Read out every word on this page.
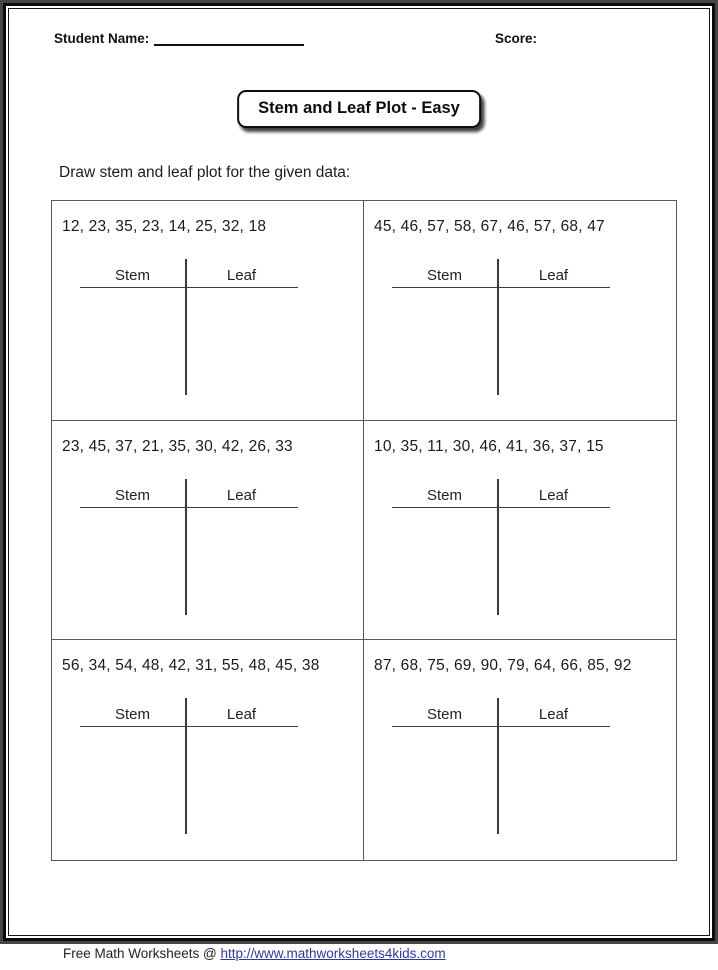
Student Name:	Score:
Stem and Leaf Plot - Easy
Draw stem and leaf plot for the given data:
12, 23, 35, 23, 14, 25, 32, 18
Stem	Leaf
45, 46, 57, 58, 67, 46, 57, 68, 47
Stem	Leaf
23, 45, 37, 21, 35, 30, 42, 26, 33
Stem	Leaf
10, 35, 11, 30, 46, 41, 36, 37, 15
Stem	Leaf
56, 34, 54, 48, 42, 31, 55, 48, 45, 38
Stem	Leaf
87, 68, 75, 69, 90, 79, 64, 66, 85, 92
Stem	Leaf
Free Math Worksheets @ http://www.mathworksheets4kids.com
